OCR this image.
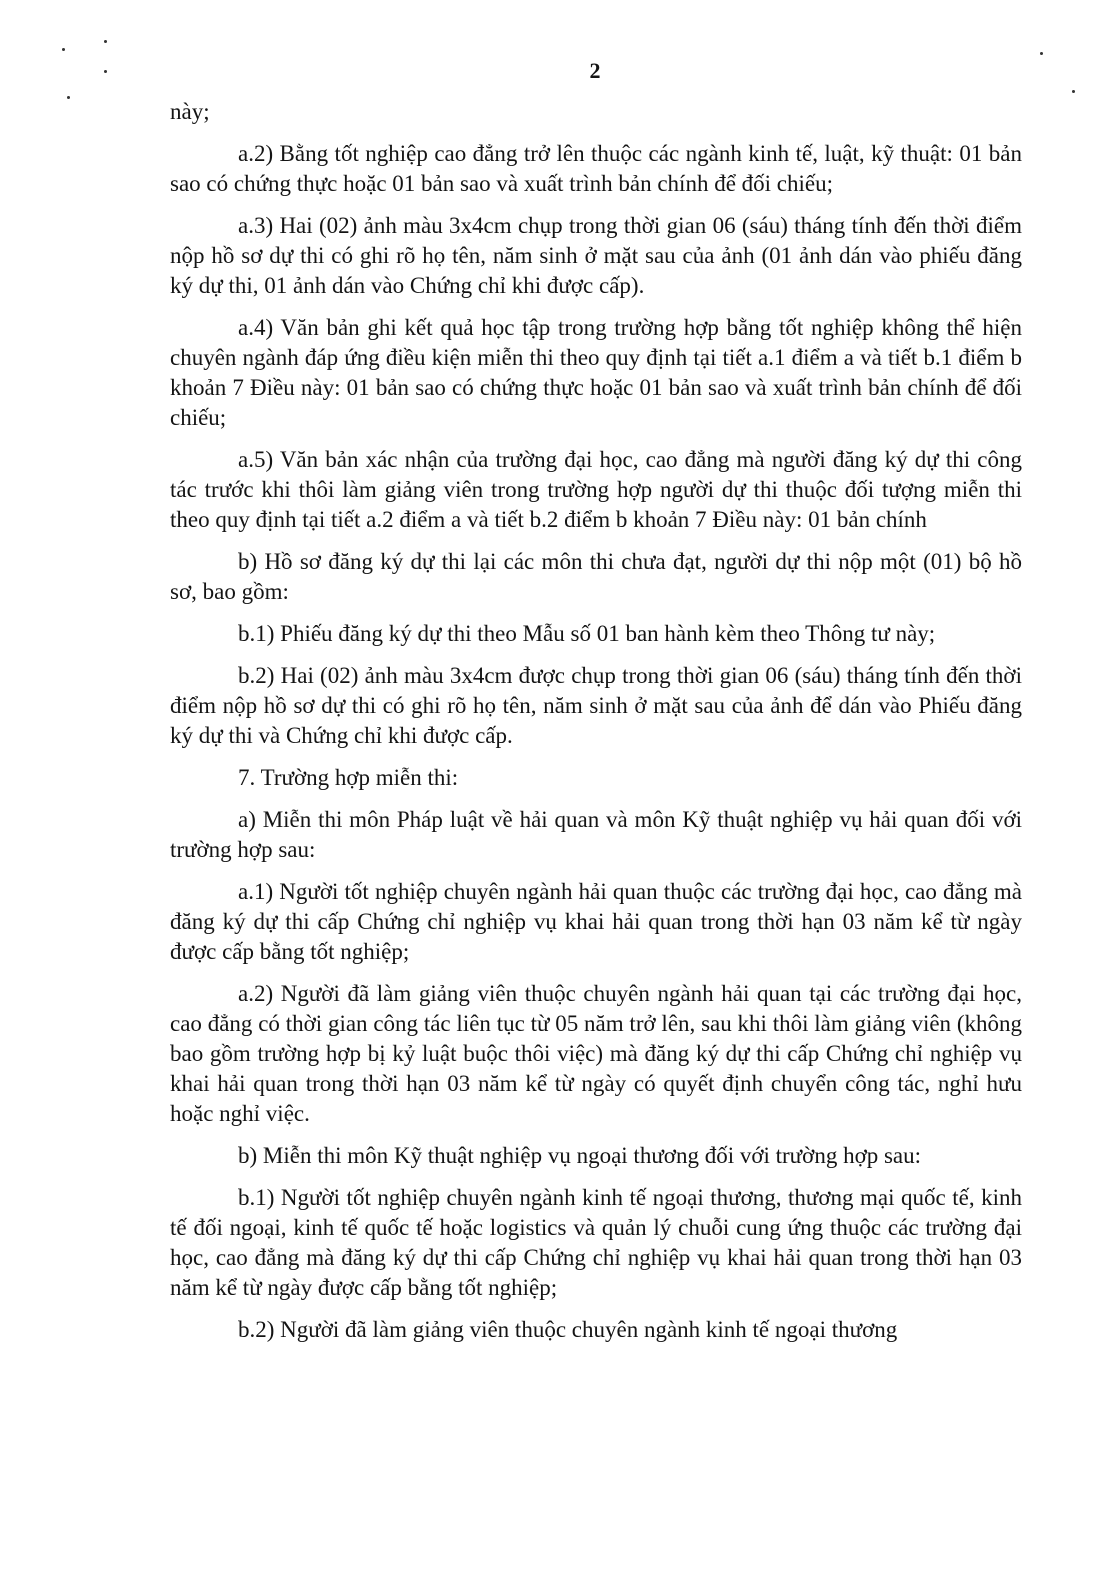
2

này;

a.2) Bằng tốt nghiệp cao đẳng trở lên thuộc các ngành kinh tế, luật, kỹ thuật: 01 bản sao có chứng thực hoặc 01 bản sao và xuất trình bản chính để đối chiếu;

a.3) Hai (02) ảnh màu 3x4cm chụp trong thời gian 06 (sáu) tháng tính đến thời điểm nộp hồ sơ dự thi có ghi rõ họ tên, năm sinh ở mặt sau của ảnh (01 ảnh dán vào phiếu đăng ký dự thi, 01 ảnh dán vào Chứng chỉ khi được cấp).

a.4) Văn bản ghi kết quả học tập trong trường hợp bằng tốt nghiệp không thể hiện chuyên ngành đáp ứng điều kiện miễn thi theo quy định tại tiết a.1 điểm a và tiết b.1 điểm b khoản 7 Điều này: 01 bản sao có chứng thực hoặc 01 bản sao và xuất trình bản chính để đối chiếu;

a.5) Văn bản xác nhận của trường đại học, cao đẳng mà người đăng ký dự thi công tác trước khi thôi làm giảng viên trong trường hợp người dự thi thuộc đối tượng miễn thi theo quy định tại tiết a.2 điểm a và tiết b.2 điểm b khoản 7 Điều này: 01 bản chính

b) Hồ sơ đăng ký dự thi lại các môn thi chưa đạt, người dự thi nộp một (01) bộ hồ sơ, bao gồm:

b.1) Phiếu đăng ký dự thi theo Mẫu số 01 ban hành kèm theo Thông tư này;

b.2) Hai (02) ảnh màu 3x4cm được chụp trong thời gian 06 (sáu) tháng tính đến thời điểm nộp hồ sơ dự thi có ghi rõ họ tên, năm sinh ở mặt sau của ảnh để dán vào Phiếu đăng ký dự thi và Chứng chỉ khi được cấp.

7. Trường hợp miễn thi:

a) Miễn thi môn Pháp luật về hải quan và môn Kỹ thuật nghiệp vụ hải quan đối với trường hợp sau:

a.1) Người tốt nghiệp chuyên ngành hải quan thuộc các trường đại học, cao đẳng mà đăng ký dự thi cấp Chứng chỉ nghiệp vụ khai hải quan trong thời hạn 03 năm kể từ ngày được cấp bằng tốt nghiệp;

a.2) Người đã làm giảng viên thuộc chuyên ngành hải quan tại các trường đại học, cao đẳng có thời gian công tác liên tục từ 05 năm trở lên, sau khi thôi làm giảng viên (không bao gồm trường hợp bị kỷ luật buộc thôi việc) mà đăng ký dự thi cấp Chứng chỉ nghiệp vụ khai hải quan trong thời hạn 03 năm kể từ ngày có quyết định chuyển công tác, nghỉ hưu hoặc nghỉ việc.

b) Miễn thi môn Kỹ thuật nghiệp vụ ngoại thương đối với trường hợp sau:

b.1) Người tốt nghiệp chuyên ngành kinh tế ngoại thương, thương mại quốc tế, kinh tế đối ngoại, kinh tế quốc tế hoặc logistics và quản lý chuỗi cung ứng thuộc các trường đại học, cao đẳng mà đăng ký dự thi cấp Chứng chỉ nghiệp vụ khai hải quan trong thời hạn 03 năm kể từ ngày được cấp bằng tốt nghiệp;

b.2) Người đã làm giảng viên thuộc chuyên ngành kinh tế ngoại thương
